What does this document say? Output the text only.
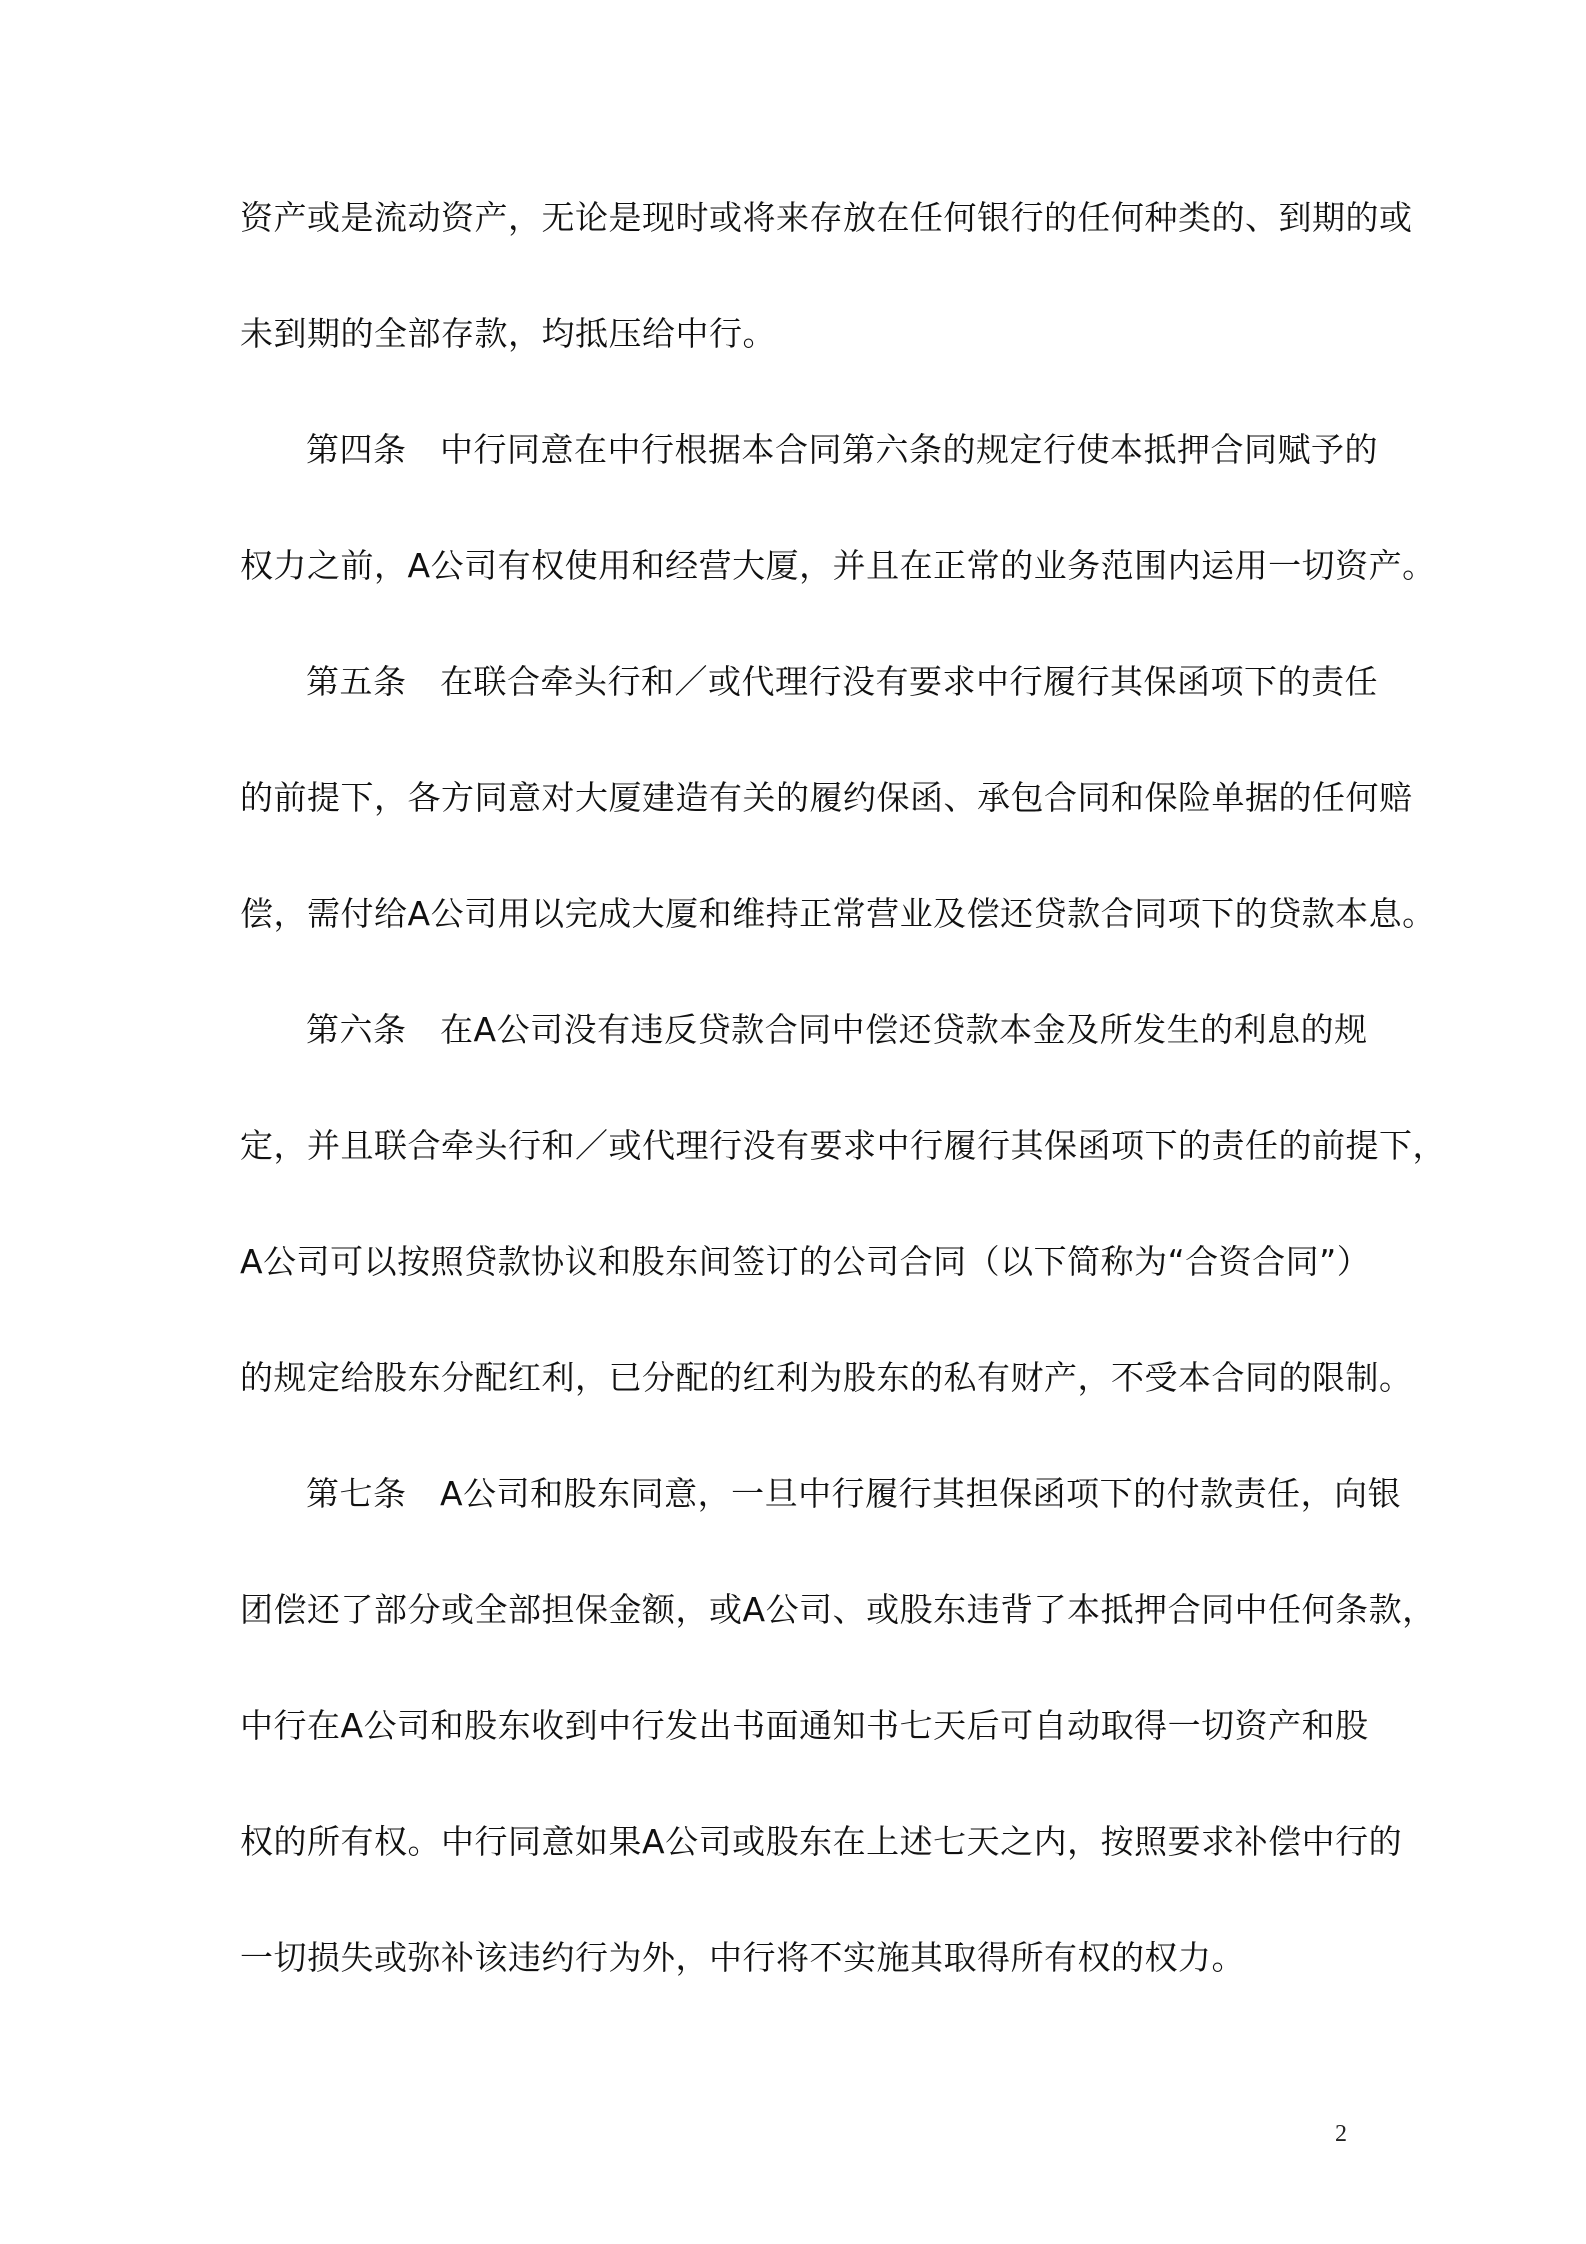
资产或是流动资产，无论是现时或将来存放在任何银行的任何种类的、到期的或
未到期的全部存款，均抵压给中行。
第四条　中行同意在中行根据本合同第六条的规定行使本抵押合同赋予的
权力之前，A公司有权使用和经营大厦，并且在正常的业务范围内运用一切资产。
第五条　在联合牵头行和／或代理行没有要求中行履行其保函项下的责任
的前提下，各方同意对大厦建造有关的履约保函、承包合同和保险单据的任何赔
偿，需付给A公司用以完成大厦和维持正常营业及偿还贷款合同项下的贷款本息。
第六条　在A公司没有违反贷款合同中偿还贷款本金及所发生的利息的规
定，并且联合牵头行和／或代理行没有要求中行履行其保函项下的责任的前提下，
A公司可以按照贷款协议和股东间签订的公司合同（以下简称为“合资合同”）
的规定给股东分配红利，已分配的红利为股东的私有财产，不受本合同的限制。
第七条　A公司和股东同意，一旦中行履行其担保函项下的付款责任，向银
团偿还了部分或全部担保金额，或A公司、或股东违背了本抵押合同中任何条款，
中行在A公司和股东收到中行发出书面通知书七天后可自动取得一切资产和股
权的所有权。中行同意如果A公司或股东在上述七天之内，按照要求补偿中行的
一切损失或弥补该违约行为外，中行将不实施其取得所有权的权力。
2
